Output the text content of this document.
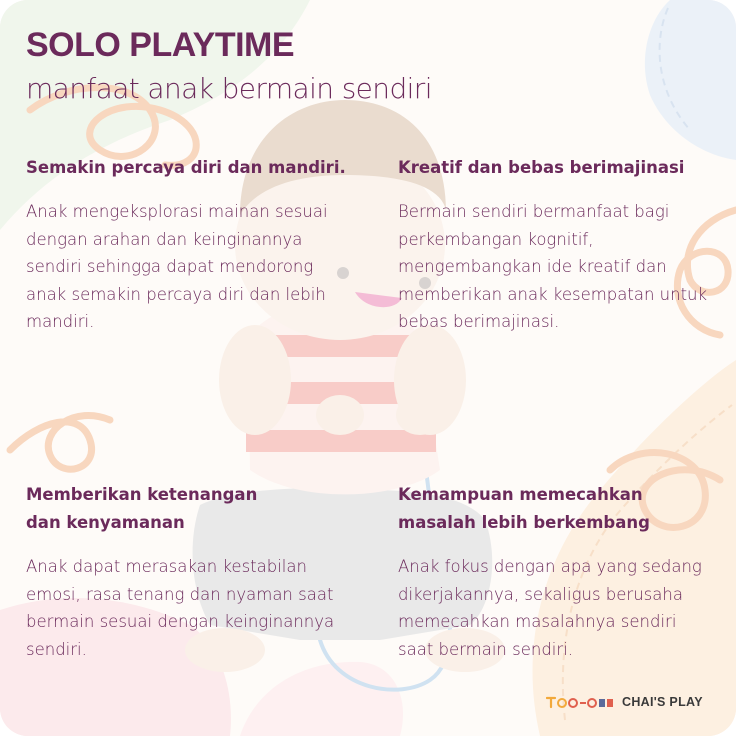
SOLO PLAYTIME
manfaat anak bermain sendiri
Semakin percaya diri dan mandiri.

Anak mengeksplorasi mainan sesuai dengan arahan dan keinginannya sendiri sehingga dapat mendorong anak semakin percaya diri dan lebih mandiri.

Kreatif dan bebas berimajinasi

Bermain sendiri bermanfaat bagi perkembangan kognitif, mengembangkan ide kreatif dan memberikan anak kesempatan untuk bebas berimajinasi.

Memberikan ketenangan dan kenyamanan

Anak dapat merasakan kestabilan emosi, rasa tenang dan nyaman saat bermain sesuai dengan keinginannya sendiri.

Kemampuan memecahkan masalah lebih berkembang

Anak fokus dengan apa yang sedang dikerjakannya, sekaligus berusaha memecahkan masalahnya sendiri saat bermain sendiri.

CHAI'S PLAY
